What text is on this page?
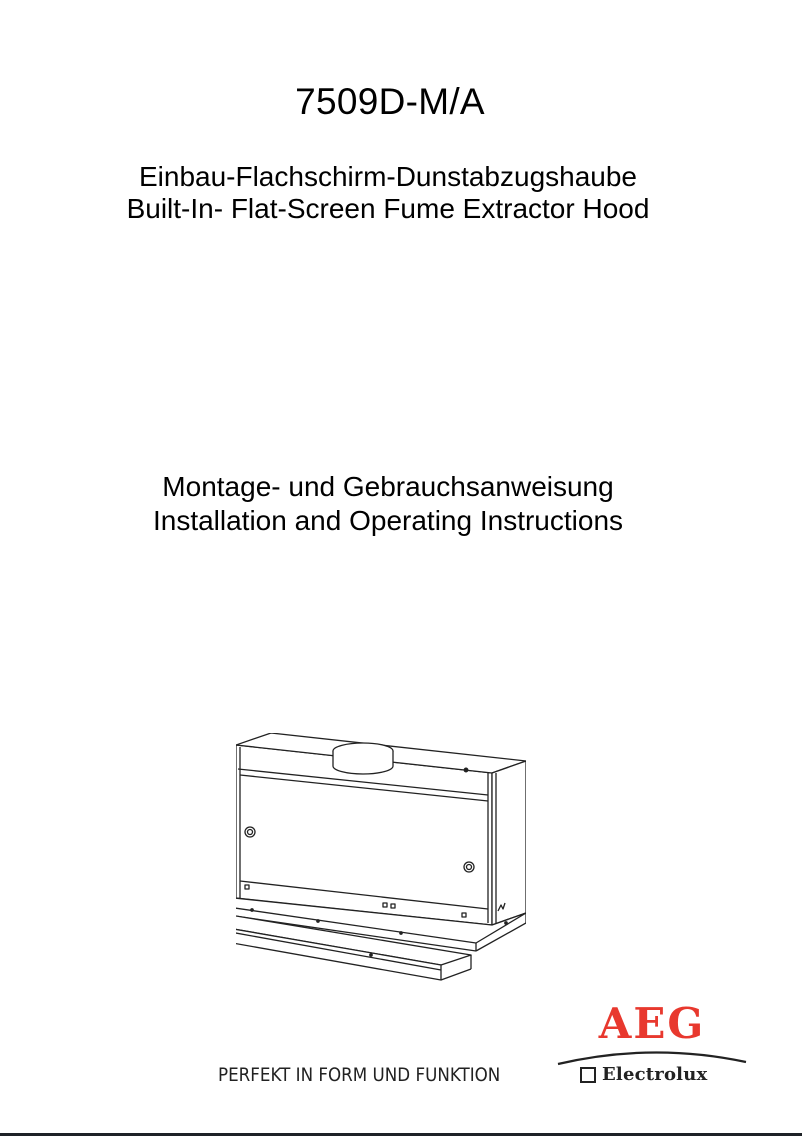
7509D-M/A
Einbau-Flachschirm-Dunstabzugshaube
Built-In- Flat-Screen Fume Extractor Hood
Montage- und Gebrauchsanweisung
Installation and Operating Instructions
PERFEKT IN FORM UND FUNKTION
AEG
Electrolux
